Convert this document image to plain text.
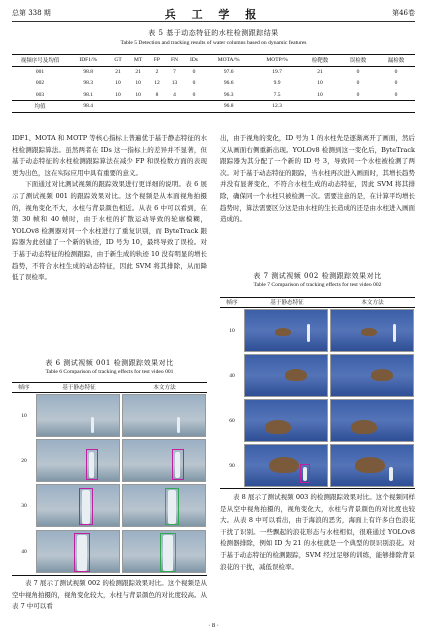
总第 338 期	兵 工 学 报	第46卷
表 5 基于动态特征的水柱检测跟踪结果
Table 5 Detection and tracking results of water columns based on dynamic features
视频序号及均值	IDF1/%	GT	MT	FP	FN	IDs	MOTA/%	MOTP/%	检靶数	误检数	漏检数
001	98.8	21	21	2	7	0	97.6	19.7	21	0	0
002	98.3	10	10	12	13	0	96.6	9.9	10	0	0
003	98.1	10	10	8	4	0	96.3	7.5	10	0	0
均值	98.4						96.8	12.3			

IDF1、MOTA 和 MOTP 等核心指标上普遍优于基于静态特征的水柱检测跟踪算法。虽然两者在 IDs 这一指标上的差异并不显著，但基于动态特征的水柱检测跟踪算法在减少 FP 和误检数方面的表现更为出色，这在实际应用中具有重要的意义。

下面通过对比测试视频的跟踪效果进行更详细的说明。表 6 展示了测试视频 001 的跟踪效果对比。这个视频是从本面视角拍摄的，视角变化不大，水柱与背景颜色相近。从表 6 中可以看到，在第 30 帧和 40 帧时，由于水柱的扩散运动导致的轮廓模糊，YOLOv8 检测器对同一个水柱进行了重复识别，而 ByteTrack 跟踪器为此创建了一个新的轨迹，ID 号为 10，最终导致了误检。对于基于动态特征的检测跟踪，由于新生成的轨迹 10 没有明显的增长趋势，不符合水柱生成的动态特征，因此 SVM 将其排除，从而降低了误检率。

表 6 测试视频 001 检测跟踪效果对比
Table 6 Comparison of tracking effects for test video 001
帧序	基于静态特征	本文方法
10
20
30
40

表 7 展示了测试视频 002 的检测跟踪效果对比。这个视频是从空中视角拍摄的，视角变化较大，水柱与背景颜色的对比度较高。从表 7 中可以看

出，由于视角的变化，ID 号为 1 的水柱先是逐渐离开了画面，然后又从画面右侧重新出现。YOLOv8 检测到这一变化后，ByteTrack 跟踪器为其分配了一个新的 ID 号 3，导致同一个水柱被检测了两次。对于基于动态特征的跟踪，当水柱再次进入画面时，其增长趋势并没有显著变化，不符合水柱生成的动态特征，因此 SVM 将其排除，确保同一个水柱只被检测一次。需要注意的是，在计算平均增长趋势时，算法需要区分这是由水柱的生长造成的还是由水柱进入画面造成的。

表 7 测试视频 002 检测跟踪效果对比
Table 7 Comparison of tracking effects for test video 002
帧序	基于静态特征	本文方法
10
40
60
90

表 8 展示了测试视频 003 的检测跟踪效果对比。这个视频同样是从空中视角拍摄的，视角变化大，水柱与背景颜色的对比度也较大。从表 8 中可以看出，由于海浪的恶劣，海面上有许多白色浪花干扰了识别。一些飘起的浪花形态与水柱相似，很难通过 YOLOv8 检测器排除，例如 ID 为 21 的水柱就是一个典型的误识别浪花。对于基于动态特征的检测跟踪，SVM 经过足够的训练，能够排除背景浪花的干扰，减低误检率。

· 8 ·
